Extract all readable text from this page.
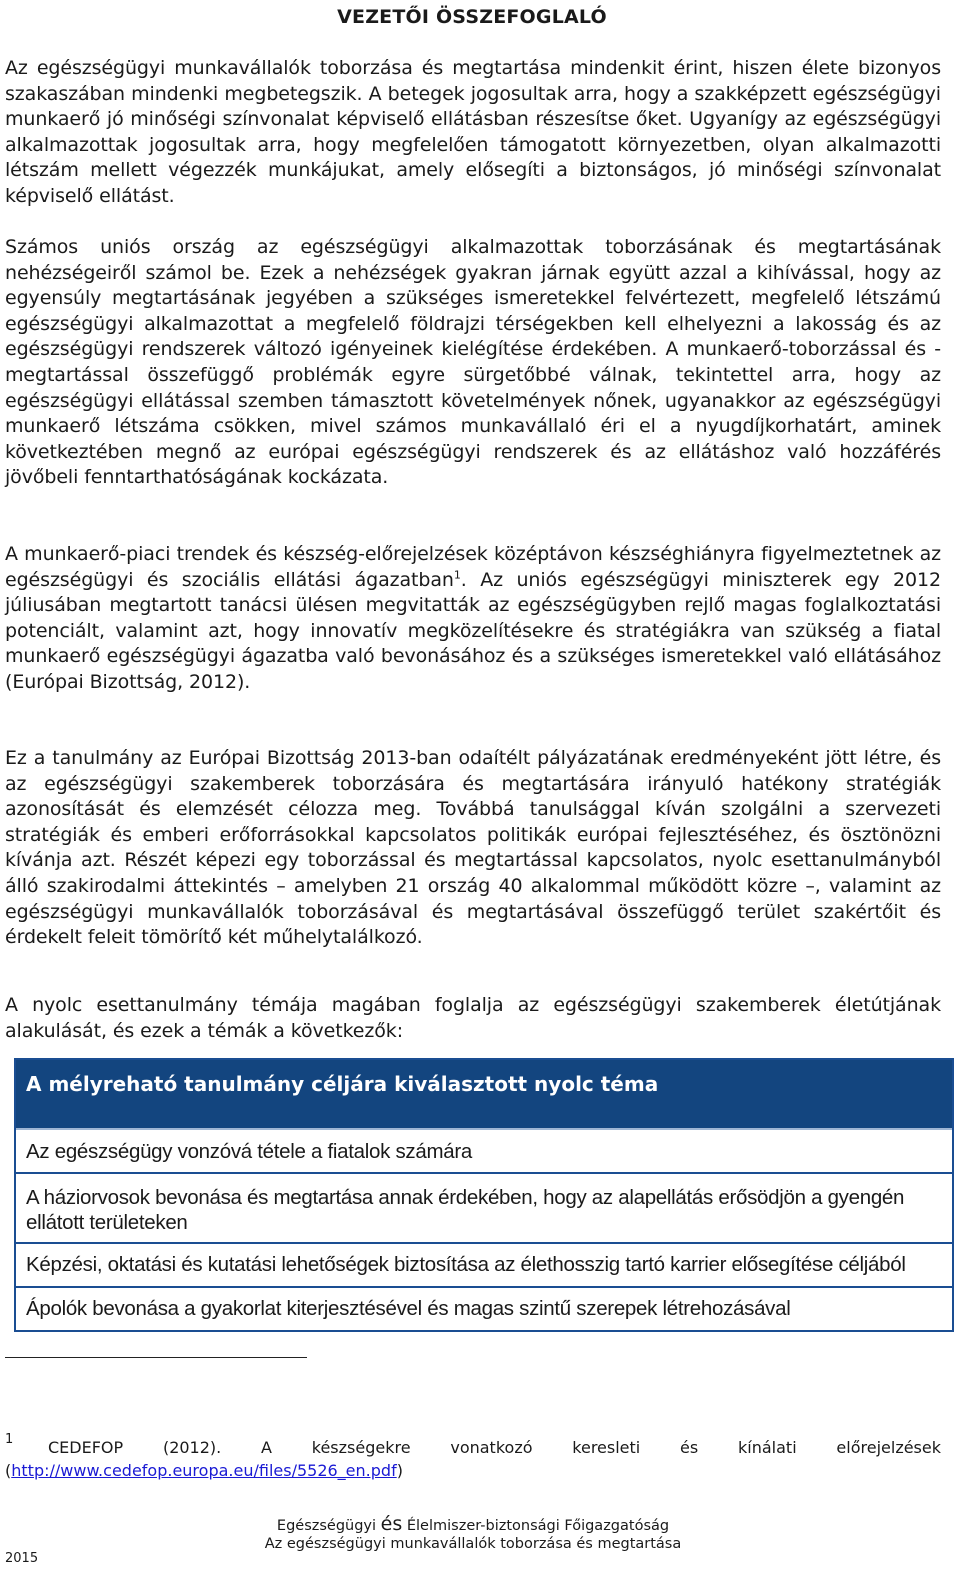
VEZETŐI ÖSSZEFOGLALÓ

Az egészségügyi munkavállalók toborzása és megtartása mindenkit érint, hiszen élete bizonyos szakaszában mindenki megbetegszik. A betegek jogosultak arra, hogy a szakképzett egészségügyi munkaerő jó minőségi színvonalat képviselő ellátásban részesítse őket. Ugyanígy az egészségügyi alkalmazottak jogosultak arra, hogy megfelelően támogatott környezetben, olyan alkalmazotti létszám mellett végezzék munkájukat, amely elősegíti a biztonságos, jó minőségi színvonalat képviselő ellátást.

Számos uniós ország az egészségügyi alkalmazottak toborzásának és megtartásának nehézségeiről számol be. Ezek a nehézségek gyakran járnak együtt azzal a kihívással, hogy az egyensúly megtartásának jegyében a szükséges ismeretekkel felvértezett, megfelelő létszámú egészségügyi alkalmazottat a megfelelő földrajzi térségekben kell elhelyezni a lakosság és az egészségügyi rendszerek változó igényeinek kielégítése érdekében. A munkaerő-toborzással és -megtartással összefüggő problémák egyre sürgetőbbé válnak, tekintettel arra, hogy az egészségügyi ellátással szemben támasztott követelmények nőnek, ugyanakkor az egészségügyi munkaerő létszáma csökken, mivel számos munkavállaló éri el a nyugdíjkorhatárt, aminek következtében megnő az európai egészségügyi rendszerek és az ellátáshoz való hozzáférés jövőbeli fenntarthatóságának kockázata.

A munkaerő-piaci trendek és készség-előrejelzések középtávon készséghiányra figyelmeztetnek az egészségügyi és szociális ellátási ágazatban$^1$. Az uniós egészségügyi miniszterek egy 2012 júliusában megtartott tanácsi ülésen megvitatták az egészségügyben rejlő magas foglalkoztatási potenciált, valamint azt, hogy innovatív megközelítésekre és stratégiákra van szükség a fiatal munkaerő egészségügyi ágazatba való bevonásához és a szükséges ismeretekkel való ellátásához (Európai Bizottság, 2012).

Ez a tanulmány az Európai Bizottság 2013-ban odaítélt pályázatának eredményeként jött létre, és az egészségügyi szakemberek toborzására és megtartására irányuló hatékony stratégiák azonosítását és elemzését célozza meg. Továbbá tanulsággal kíván szolgálni a szervezeti stratégiák és emberi erőforrásokkal kapcsolatos politikák európai fejlesztéséhez, és ösztönözni kívánja azt. Részét képezi egy toborzással és megtartással kapcsolatos, nyolc esettanulmányból álló szakirodalmi áttekintés – amelyben 21 ország 40 alkalommal működött közre –, valamint az egészségügyi munkavállalók toborzásával és megtartásával összefüggő terület szakértőit és érdekelt feleit tömörítő két műhelytalálkozó.

A nyolc esettanulmány témája magában foglalja az egészségügyi szakemberek életútjának alakulását, és ezek a témák a következők:

A mélyreható tanulmány céljára kiválasztott nyolc téma
Az egészségügy vonzóvá tétele a fiatalok számára
A háziorvosok bevonása és megtartása annak érdekében, hogy az alapellátás erősödjön a gyengén ellátott területeken
Képzési, oktatási és kutatási lehetőségek biztosítása az élethosszig tartó karrier elősegítése céljából
Ápolók bevonása a gyakorlat kiterjesztésével és magas szintű szerepek létrehozásával
1	CEDEFOP (2012). A készségekre vonatkozó keresleti és kínálati előrejelzések

(http://www.cedefop.europa.eu/files/5526_en.pdf)
Egészségügyi és Élelmiszer-biztonsági Főigazgatóság
Az egészségügyi munkavállalók toborzása és megtartása
2015
